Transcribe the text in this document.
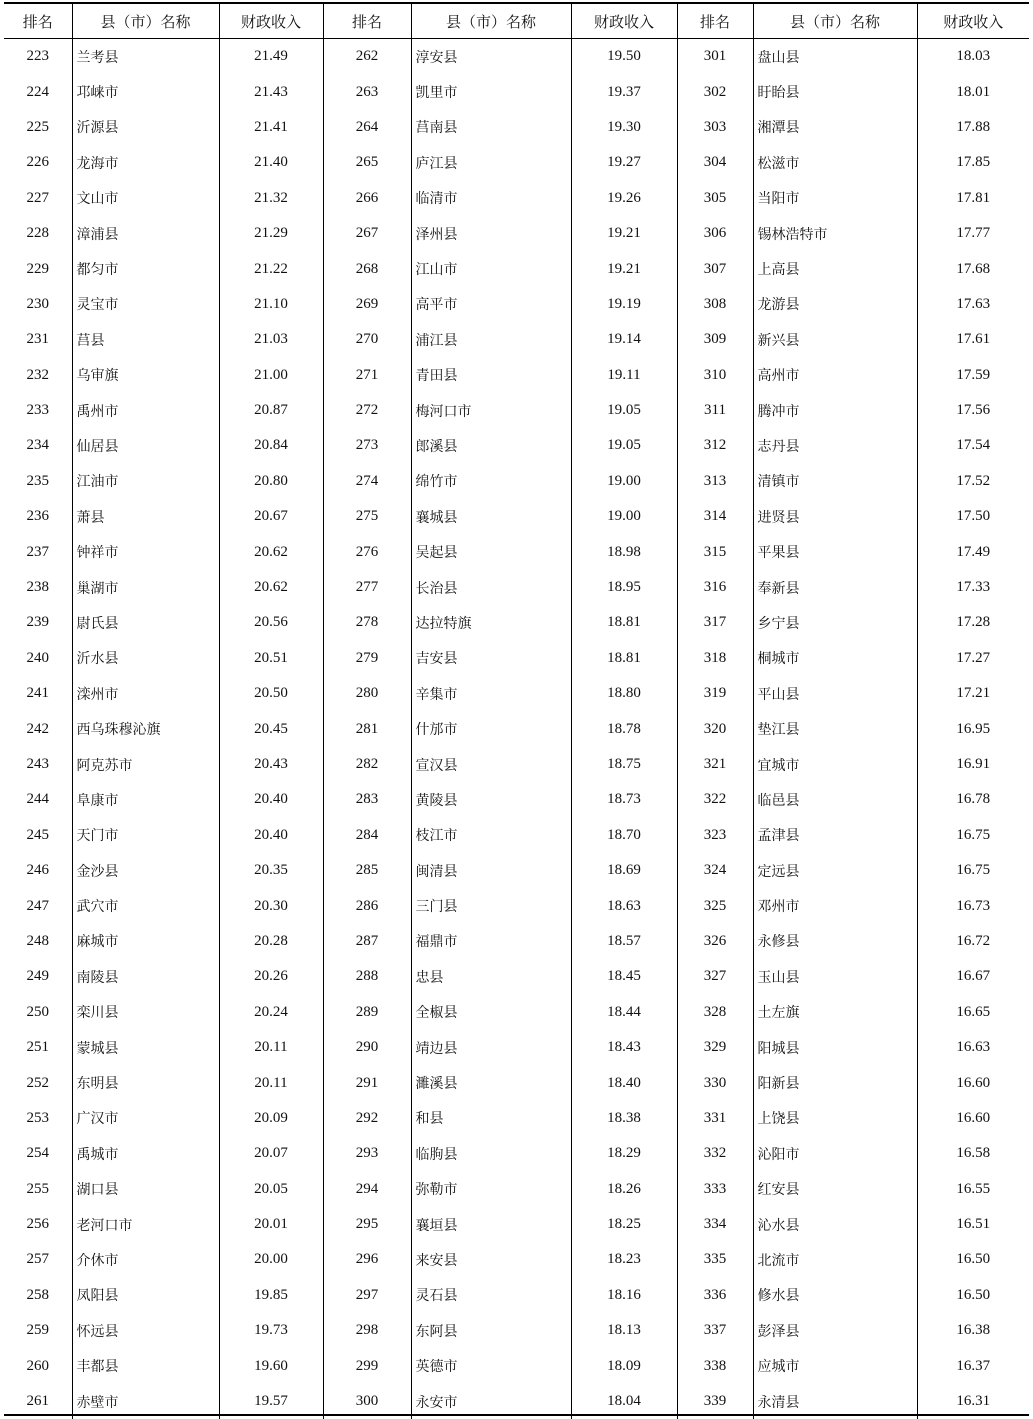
排名	县（市）名称	财政收入	排名	县（市）名称	财政收入	排名	县（市）名称	财政收入
223	兰考县	21.49	262	淳安县	19.50	301	盘山县	18.03
224	邛崃市	21.43	263	凯里市	19.37	302	盱眙县	18.01
225	沂源县	21.41	264	莒南县	19.30	303	湘潭县	17.88
226	龙海市	21.40	265	庐江县	19.27	304	松滋市	17.85
227	文山市	21.32	266	临清市	19.26	305	当阳市	17.81
228	漳浦县	21.29	267	泽州县	19.21	306	锡林浩特市	17.77
229	都匀市	21.22	268	江山市	19.21	307	上高县	17.68
230	灵宝市	21.10	269	高平市	19.19	308	龙游县	17.63
231	莒县	21.03	270	浦江县	19.14	309	新兴县	17.61
232	乌审旗	21.00	271	青田县	19.11	310	高州市	17.59
233	禹州市	20.87	272	梅河口市	19.05	311	腾冲市	17.56
234	仙居县	20.84	273	郎溪县	19.05	312	志丹县	17.54
235	江油市	20.80	274	绵竹市	19.00	313	清镇市	17.52
236	萧县	20.67	275	襄城县	19.00	314	进贤县	17.50
237	钟祥市	20.62	276	吴起县	18.98	315	平果县	17.49
238	巢湖市	20.62	277	长治县	18.95	316	奉新县	17.33
239	尉氏县	20.56	278	达拉特旗	18.81	317	乡宁县	17.28
240	沂水县	20.51	279	吉安县	18.81	318	桐城市	17.27
241	滦州市	20.50	280	辛集市	18.80	319	平山县	17.21
242	西乌珠穆沁旗	20.45	281	什邡市	18.78	320	垫江县	16.95
243	阿克苏市	20.43	282	宣汉县	18.75	321	宜城市	16.91
244	阜康市	20.40	283	黄陵县	18.73	322	临邑县	16.78
245	天门市	20.40	284	枝江市	18.70	323	孟津县	16.75
246	金沙县	20.35	285	闽清县	18.69	324	定远县	16.75
247	武穴市	20.30	286	三门县	18.63	325	邓州市	16.73
248	麻城市	20.28	287	福鼎市	18.57	326	永修县	16.72
249	南陵县	20.26	288	忠县	18.45	327	玉山县	16.67
250	栾川县	20.24	289	全椒县	18.44	328	土左旗	16.65
251	蒙城县	20.11	290	靖边县	18.43	329	阳城县	16.63
252	东明县	20.11	291	濉溪县	18.40	330	阳新县	16.60
253	广汉市	20.09	292	和县	18.38	331	上饶县	16.60
254	禹城市	20.07	293	临朐县	18.29	332	沁阳市	16.58
255	湖口县	20.05	294	弥勒市	18.26	333	红安县	16.55
256	老河口市	20.01	295	襄垣县	18.25	334	沁水县	16.51
257	介休市	20.00	296	来安县	18.23	335	北流市	16.50
258	凤阳县	19.85	297	灵石县	18.16	336	修水县	16.50
259	怀远县	19.73	298	东阿县	18.13	337	彭泽县	16.38
260	丰都县	19.60	299	英德市	18.09	338	应城市	16.37
261	赤壁市	19.57	300	永安市	18.04	339	永清县	16.31
